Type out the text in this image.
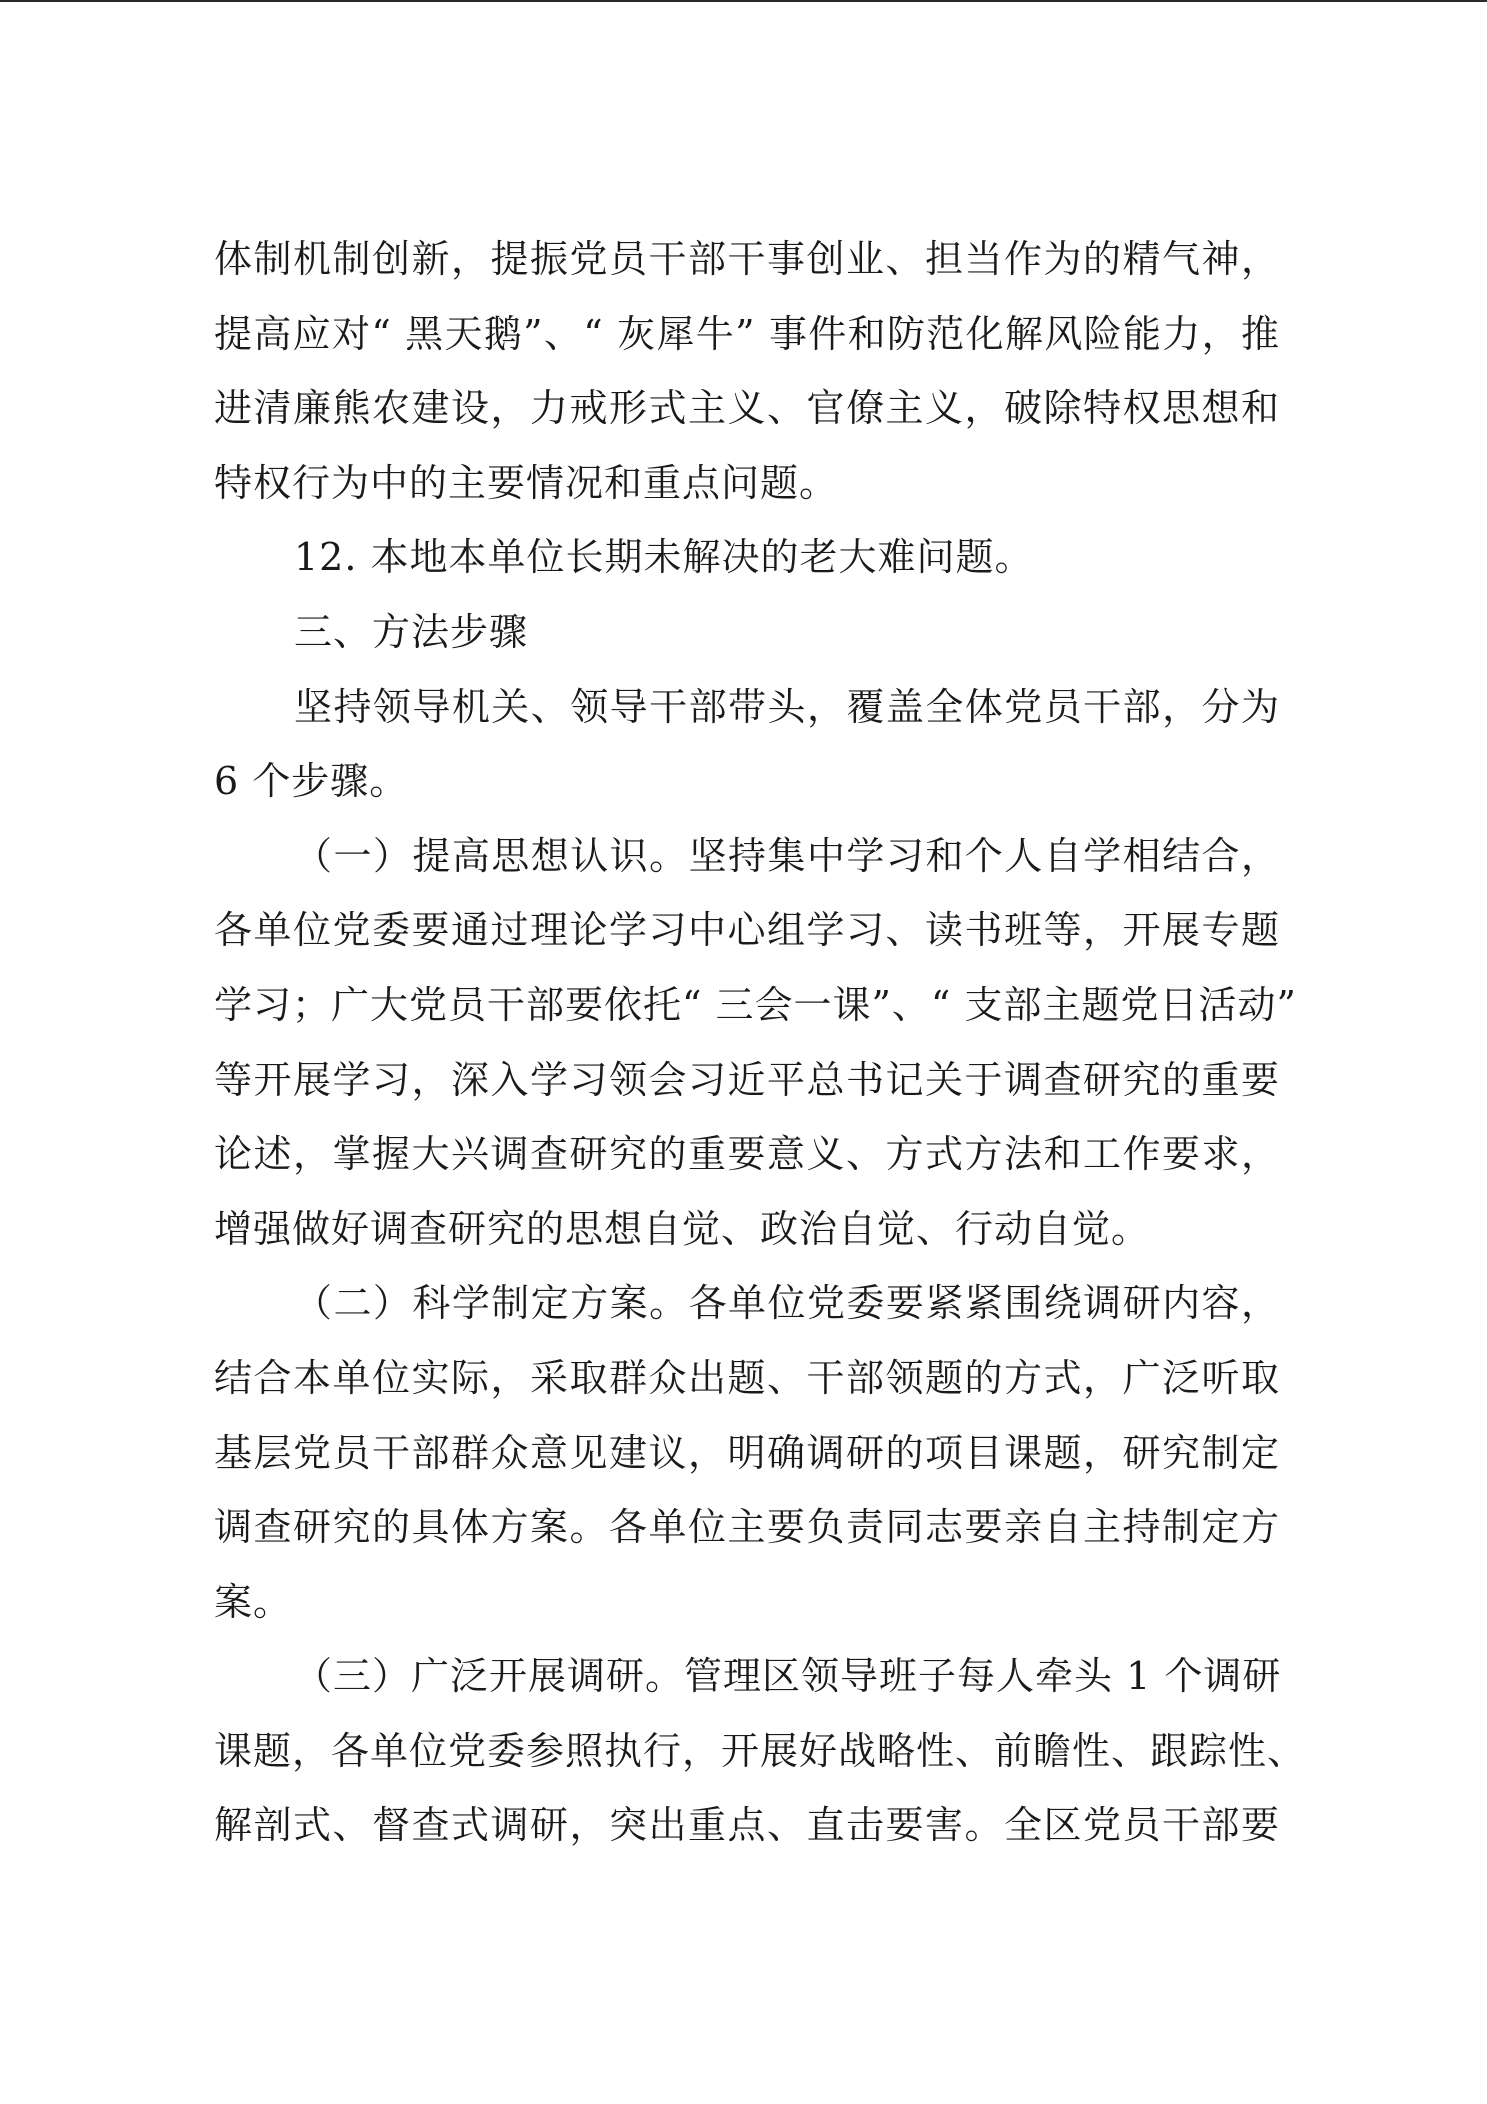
体制机制创新，提振党员干部干事创业、担当作为的精气神，
提高应对“ 黑天鹅”、“ 灰犀牛” 事件和防范化解风险能力，推
进清廉熊农建设，力戒形式主义、官僚主义，破除特权思想和
特权行为中的主要情况和重点问题。
12. 本地本单位长期未解决的老大难问题。
三、方法步骤
坚持领导机关、领导干部带头，覆盖全体党员干部，分为
6 个步骤。
（一）提高思想认识。坚持集中学习和个人自学相结合，
各单位党委要通过理论学习中心组学习、读书班等，开展专题
学习；广大党员干部要依托“ 三会一课”、“ 支部主题党日活动”
等开展学习，深入学习领会习近平总书记关于调查研究的重要
论述，掌握大兴调查研究的重要意义、方式方法和工作要求，
增强做好调查研究的思想自觉、政治自觉、行动自觉。
（二）科学制定方案。各单位党委要紧紧围绕调研内容，
结合本单位实际，采取群众出题、干部领题的方式，广泛听取
基层党员干部群众意见建议，明确调研的项目课题，研究制定
调查研究的具体方案。各单位主要负责同志要亲自主持制定方
案。
（三）广泛开展调研。管理区领导班子每人牵头 1 个调研
课题，各单位党委参照执行，开展好战略性、前瞻性、跟踪性、
解剖式、督查式调研，突出重点、直击要害。全区党员干部要
